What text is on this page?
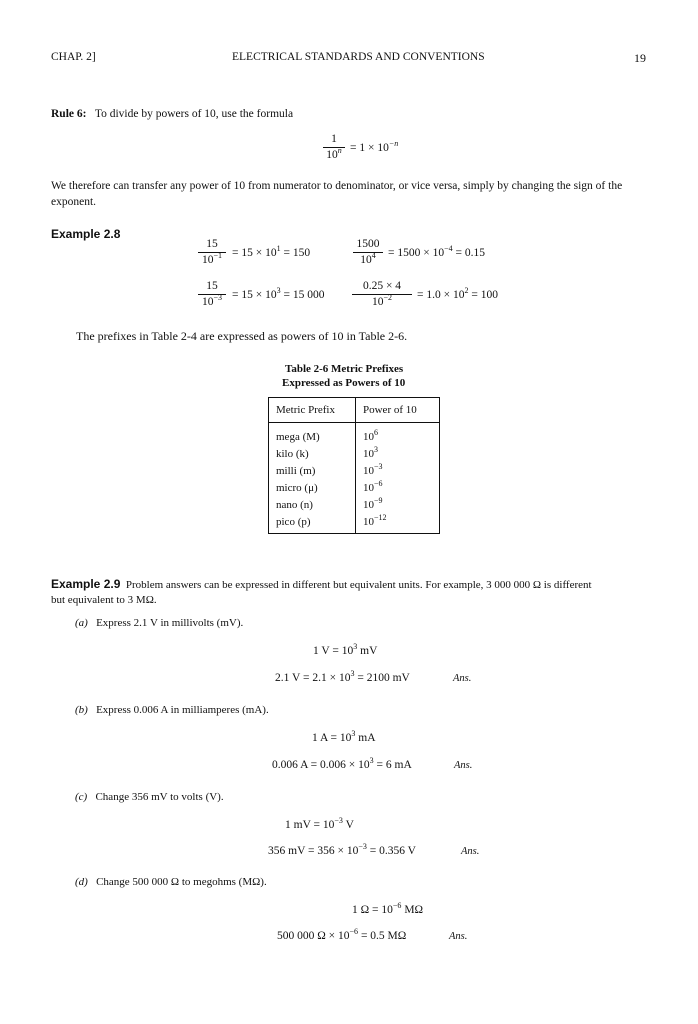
CHAP. 2]	ELECTRICAL STANDARDS AND CONVENTIONS	19
Rule 6: To divide by powers of 10, use the formula
1
$10^n = 1 \times 10^{-n}$
We therefore can transfer any power of 10 from numerator to denominator, or vice versa, simply by changing the sign of the exponent.
Example 2.8
15
$10^{-1} = 15 \times 10^1 = 150$
1500
$10^4$	= $1500 \times 10^{-4} = 0.15$
15
$10^{-3} = 15 \times 10^3 = 15$ 000
0.25 × 4
$10^{-2}$	= $1.0 \times 10^2 = 100$
The prefixes in Table 2-4 are expressed as powers of 10 in Table 2-6.
Table 2-6 Metric Prefixes
Expressed as Powers of 10
Metric Prefix	Power of 10
mega (M)	$10^6$
kilo (k)	$10^3$
milli (m)	$10^{-3}$
micro (μ)	$10^{-6}$
nano (n)	$10^{-9}$
pico (p)	$10^{-12}$
Example 2.9 Problem answers can be expressed in different but equivalent units. For example, 3 000 000 Ω is different
but equivalent to 3 MΩ.
(a) Express 2.1 V in millivolts (mV).
1 $V = 10^3$ mV
2.1 $V = 2.1 \times 10^3 = 2100$ mV	Ans.
(b) Express 0.006 A in milliamperes (mA).
1 $A = 10^3$ mA
0.006 $A = 0.006 \times 10^3 = 6$ mA	Ans.
(c) Change 356 mV to volts (V).
1 mV = $10^{-3}$ V
356 mV = $356 \times 10^{-3} = 0.356$ V	Ans.
(d) Change 500 000 Ω to megohms (MΩ).
1 $\Omega = 10^{-6}$ MΩ
500 000 $\Omega \times 10^{-6} = 0.5$ MΩ	Ans.
